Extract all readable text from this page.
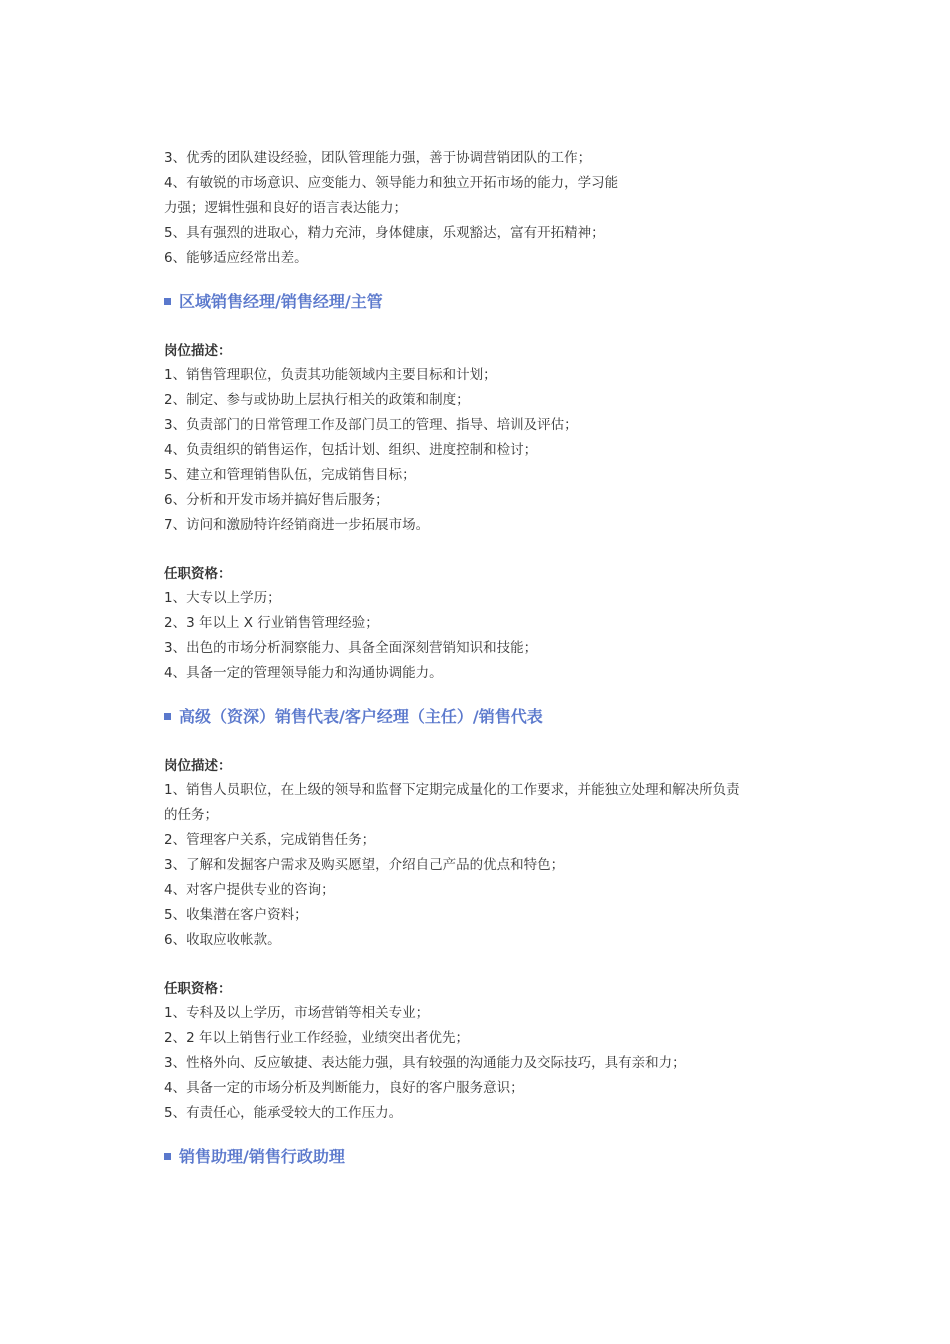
3、优秀的团队建设经验，团队管理能力强，善于协调营销团队的工作；
4、有敏锐的市场意识、应变能力、领导能力和独立开拓市场的能力，学习能
力强；逻辑性强和良好的语言表达能力；
5、具有强烈的进取心，精力充沛，身体健康，乐观豁达，富有开拓精神；
6、能够适应经常出差。
区域销售经理/销售经理/主管
岗位描述：
1、销售管理职位，负责其功能领域内主要目标和计划；
2、制定、参与或协助上层执行相关的政策和制度；
3、负责部门的日常管理工作及部门员工的管理、指导、培训及评估；
4、负责组织的销售运作，包括计划、组织、进度控制和检讨；
5、建立和管理销售队伍，完成销售目标；
6、分析和开发市场并搞好售后服务；
7、访问和激励特许经销商进一步拓展市场。
任职资格：
1、大专以上学历；
2、3 年以上 X 行业销售管理经验；
3、出色的市场分析洞察能力、具备全面深刻营销知识和技能；
4、具备一定的管理领导能力和沟通协调能力。
高级（资深）销售代表/客户经理（主任）/销售代表
岗位描述：
1、销售人员职位，在上级的领导和监督下定期完成量化的工作要求，并能独立处理和解决所负责
的任务；
2、管理客户关系，完成销售任务；
3、了解和发掘客户需求及购买愿望，介绍自己产品的优点和特色；
4、对客户提供专业的咨询；
5、收集潜在客户资料；
6、收取应收帐款。
任职资格：
1、专科及以上学历，市场营销等相关专业；
2、2 年以上销售行业工作经验，业绩突出者优先；
3、性格外向、反应敏捷、表达能力强，具有较强的沟通能力及交际技巧，具有亲和力；
4、具备一定的市场分析及判断能力，良好的客户服务意识；
5、有责任心，能承受较大的工作压力。
销售助理/销售行政助理
